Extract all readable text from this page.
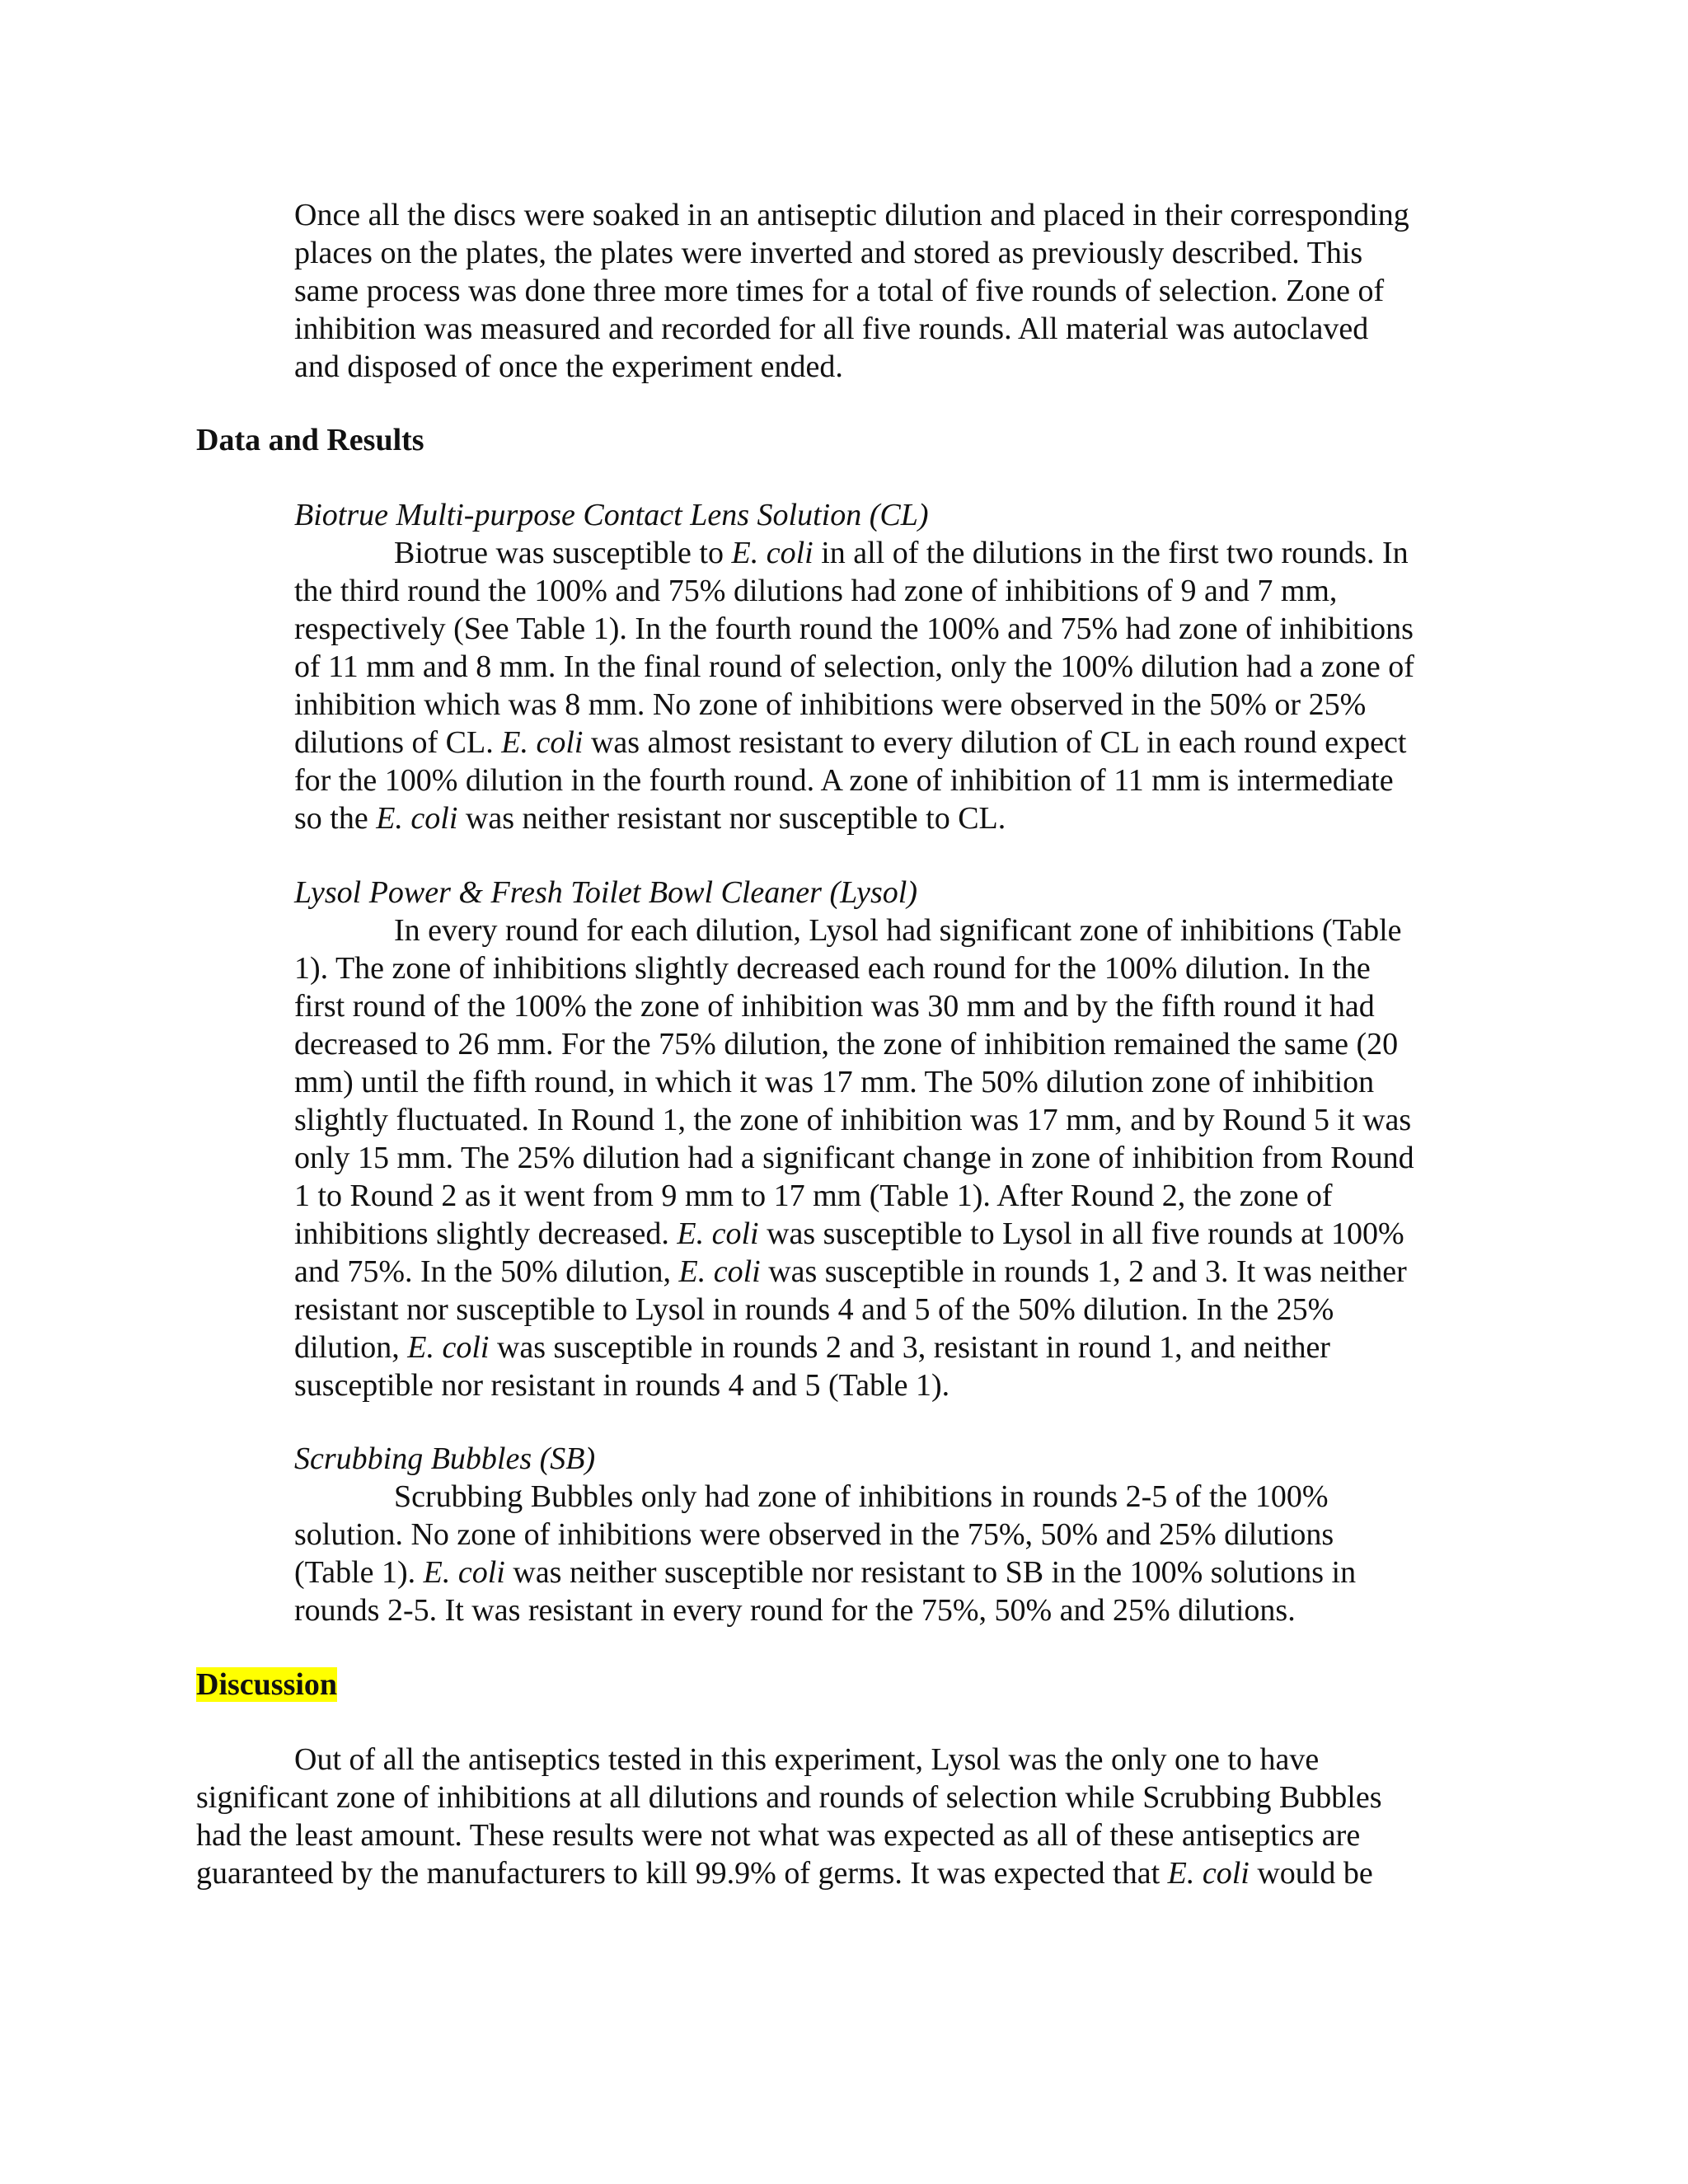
Once all the discs were soaked in an antiseptic dilution and placed in their corresponding
places on the plates, the plates were inverted and stored as previously described. This
same process was done three more times for a total of five rounds of selection. Zone of
inhibition was measured and recorded for all five rounds. All material was autoclaved
and disposed of once the experiment ended.
Data and Results
Biotrue Multi-purpose Contact Lens Solution (CL)
Biotrue was susceptible to E. coli in all of the dilutions in the first two rounds. In
the third round the 100% and 75% dilutions had zone of inhibitions of 9 and 7 mm,
respectively (See Table 1). In the fourth round the 100% and 75% had zone of inhibitions
of 11 mm and 8 mm. In the final round of selection, only the 100% dilution had a zone of
inhibition which was 8 mm. No zone of inhibitions were observed in the 50% or 25%
dilutions of CL. E. coli was almost resistant to every dilution of CL in each round expect
for the 100% dilution in the fourth round. A zone of inhibition of 11 mm is intermediate
so the E. coli was neither resistant nor susceptible to CL.
Lysol Power & Fresh Toilet Bowl Cleaner (Lysol)
In every round for each dilution, Lysol had significant zone of inhibitions (Table
1). The zone of inhibitions slightly decreased each round for the 100% dilution. In the
first round of the 100% the zone of inhibition was 30 mm and by the fifth round it had
decreased to 26 mm. For the 75% dilution, the zone of inhibition remained the same (20
mm) until the fifth round, in which it was 17 mm. The 50% dilution zone of inhibition
slightly fluctuated. In Round 1, the zone of inhibition was 17 mm, and by Round 5 it was
only 15 mm. The 25% dilution had a significant change in zone of inhibition from Round
1 to Round 2 as it went from 9 mm to 17 mm (Table 1). After Round 2, the zone of
inhibitions slightly decreased. E. coli was susceptible to Lysol in all five rounds at 100%
and 75%. In the 50% dilution, E. coli was susceptible in rounds 1, 2 and 3. It was neither
resistant nor susceptible to Lysol in rounds 4 and 5 of the 50% dilution. In the 25%
dilution, E. coli was susceptible in rounds 2 and 3, resistant in round 1, and neither
susceptible nor resistant in rounds 4 and 5 (Table 1).
Scrubbing Bubbles (SB)
Scrubbing Bubbles only had zone of inhibitions in rounds 2-5 of the 100%
solution. No zone of inhibitions were observed in the 75%, 50% and 25% dilutions
(Table 1). E. coli was neither susceptible nor resistant to SB in the 100% solutions in
rounds 2-5. It was resistant in every round for the 75%, 50% and 25% dilutions.
Discussion
Out of all the antiseptics tested in this experiment, Lysol was the only one to have
significant zone of inhibitions at all dilutions and rounds of selection while Scrubbing Bubbles
had the least amount. These results were not what was expected as all of these antiseptics are
guaranteed by the manufacturers to kill 99.9% of germs. It was expected that E. coli would be
